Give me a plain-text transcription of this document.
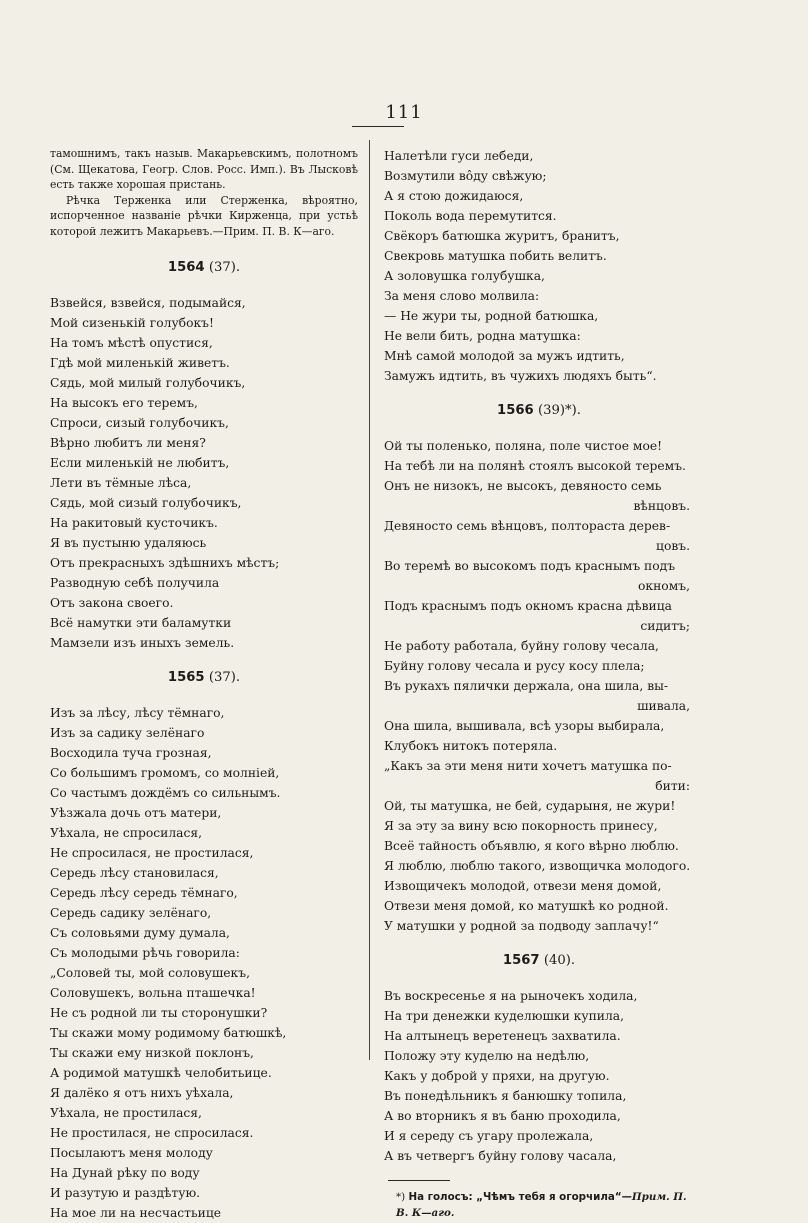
111

тамошнимъ, такъ назыв. Макарьевскимъ, полотномъ (См. Щекатова, Геогр. Слов. Росс. Имп.). Въ Лысковѣ есть также хорошая пристань.

Рѣчка Терженка или Стерженка, вѣроятно, испорченное названiе рѣчки Кирженца, при устьѣ которой лежитъ Макарьевъ.—Прим. П. В. К—аго.

1564 (37).
Взвейся, взвейся, подымайся,
Мой сизенькiй голубокъ!
На томъ мѣстѣ опустися,
Гдѣ мой миленькiй живетъ.
Сядь, мой милый голубочикъ,
На высокъ его теремъ,
Спроси, сизый голубочикъ,
Вѣрно любитъ ли меня?
Если миленькiй не любитъ,
Лети въ тёмные лѣса,
Сядь, мой сизый голубочикъ,
На ракитовый кусточикъ.
Я въ пустыню удаляюсь
Отъ прекрасныхъ здѣшнихъ мѣстъ;
Разводную себѣ получила
Отъ закона своего.
Всё намутки эти баламутки
Мамзели изъ иныхъ земель.
1565 (37).
Изъ за лѣсу, лѣсу тёмнаго,
Изъ за садику зелёнаго
Восходила туча грозная,
Со большимъ громомъ, со молнiей,
Со частымъ дождёмъ со сильнымъ.
Уѣзжала дочь отъ матери,
Уѣхала, не спросилася,
Не спросилася, не простилася,
Середь лѣсу становилася,
Середь лѣсу середь тёмнаго,
Середь садику зелёнаго,
Съ соловьями думу думала,
Съ молодыми рѣчь говорила:
„Соловей ты, мой соловушекъ,
Соловушекъ, вольна пташечка!
Не съ родной ли ты сторонушки?
Ты скажи мому родимому батюшкѣ,
Ты скажи ему низкой поклонъ,
А родимой матушкѣ челобитьице.
Я далёко я отъ нихъ уѣхала,
Уѣхала, не простилася,
Не простилася, не спросилася.
Посылаютъ меня молоду
На Дунай рѣку по воду
И разутую и раздѣтую.
На мое ли на несчастьице
Налетѣли гуси лебеди,
Возмутили вôду свѣжую;
А я стою дожидаюся,
Поколь вода перемутится.
Свёкоръ батюшка журитъ, бранитъ,
Свекровь матушка побить велитъ.
А золовушка голубушка,
За меня слово молвила:
— Не жури ты, родной батюшка,
Не вели бить, родна матушка:
Мнѣ самой молодой за мужъ идтить,
Замужъ идтить, въ чужихъ людяхъ быть“.
1566 (39)*).
Ой ты поленько, поляна, поле чистое мое!
На тебѣ ли на полянѣ стоялъ высокой теремъ.
Онъ не низокъ, не высокъ, девяносто семь
вѣнцовъ.
Девяносто семь вѣнцовъ, полтораста дерев-
цовъ.
Во теремѣ во высокомъ подъ краснымъ подъ
окномъ,
Подъ краснымъ подъ окномъ красна дѣвица
сидитъ;
Не работу работала, буйну голову чесала,
Буйну голову чесала и русу косу плела;
Въ рукахъ пялички держала, она шила, вы-
шивала,
Она шила, вышивала, всѣ узоры выбирала,
Клубокъ нитокъ потеряла.
„Какъ за эти меня нити хочетъ матушка по-
бити:
Ой, ты матушка, не бей, сударыня, не жури!
Я за эту за вину всю покорность принесу,
Всеё тайность объявлю, я кого вѣрно люблю.
Я люблю, люблю такого, извощичка молодого.
Извощичекъ молодой, отвези меня домой,
Отвези меня домой, ко матушкѣ ко родной.
У матушки у родной за подводу заплачу!“
1567 (40).
Въ воскресенье я на рыночекъ ходила,
На три денежки куделюшки купила,
На алтынецъ веретенецъ захватила.
Положу эту куделю на недѣлю,
Какъ у доброй у пряхи, на другую.
Въ понедѣльникъ я банюшку топила,
А во вторникъ я въ баню проходила,
И я середу съ угару пролежала,
А въ четвергъ буйну голову часала,
*) На голосъ: „Чѣмъ тебя я огорчила“—Прим. П. В. К—аго.
